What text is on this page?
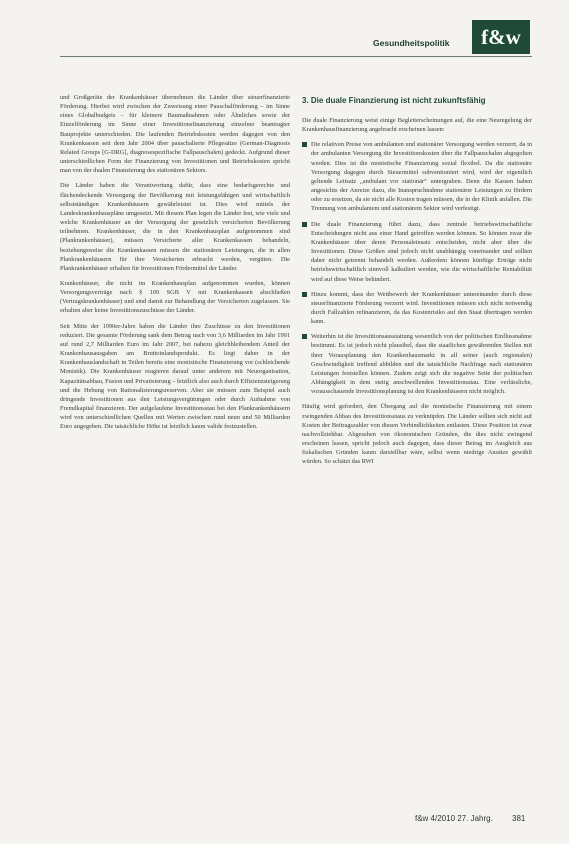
Gesundheitspolitik	f&w

und Großgeräte der Krankenhäuser übernehmen die Länder über steuerfinanzierte Förderung. Hierbei wird zwischen der Zuweisung einer Pauschalförderung – im Sinne eines Globalbudgets – für kleinere Baumaßnahmen oder Ähnliches sowie der Einzelförderung im Sinne einer Investitionsfinanzierung einzelner beantragter Bauprojekte unterschieden. Die laufenden Betriebskosten werden dagegen von den Krankenkassen seit dem Jahr 2004 über pauschalierte Pflegesätze (German-Diagnosis Related Groups [G-DRG], diagnosespezifische Fallpauschalen) gedeckt. Aufgrund dieser unterschiedlichen Form der Finanzierung von Investitionen und Betriebskosten spricht man von der dualen Finanzierung des stationären Sektors.

Die Länder haben die Verantwortung dafür, dass eine bedarfsgerechte und flächendeckende Versorgung der Bevölkerung mit leistungsfähigen und wirtschaftlich selbstständigen Krankenhäusern gewährleistet ist. Dies wird mittels der Landeskrankenhauspläne umgesetzt. Mit diesem Plan legen die Länder fest, wie viele und welche Krankenhäuser an der Versorgung der gesetzlich versicherten Bevölkerung teilnehmen. Krankenhäuser, die in den Krankenhausplan aufgenommen sind (Plankrankenhäuser), müssen Versicherte aller Krankenkassen behandeln, beziehungsweise die Krankenkassen müssen die stationären Leistungen, die in allen Plankrankenhäusern für ihre Versicherten erbracht werden, vergüten. Die Plankrankenhäuser erhalten für Investitionen Fördermittel der Länder.

Krankenhäuser, die nicht im Krankenhausplan aufgenommen wurden, können Versorgungsverträge nach § 109 SGB V mit Krankenkassen abschließen (Vertragskrankenhäuser) und sind damit zur Behandlung der Versicherten zugelassen. Sie erhalten aber keine Investitionszuschüsse der Länder.

Seit Mitte der 1990er-Jahre haben die Länder ihre Zuschüsse zu den Investitionen reduziert. Die gesamte Förderung sank dem Betrag nach von 3,6 Milliarden im Jahr 1991 auf rund 2,7 Milliarden Euro im Jahr 2007, bei nahezu gleichbleibendem Anteil der Krankenhausausgaben am Bruttoinlandsprodukt. Es liegt daher in der Krankenhauslandschaft in Teilen bereits eine monistische Finanzierung vor (schleichende Monistik). Die Krankenhäuser reagieren darauf unter anderem mit Neuorganisation, Kapazitätsabbau, Fusion und Privatisierung – letztlich also auch durch Effizienzsteigerung und die Hebung von Rationalisierungsreserven. Aber sie müssen zum Beispiel auch dringende Investitionen aus den Leistungsvergütungen oder durch Aufnahme von Fremdkapital finanzieren. Der aufgelaufene Investitionsstau bei den Plankrankenhäusern wird von unterschiedlichen Quellen mit Werten zwischen rund neun und 50 Milliarden Euro angegeben. Die tatsächliche Höhe ist letztlich kaum valide festzustellen.

3. Die duale Finanzierung ist nicht zukunftsfähig

Die duale Finanzierung weist einige Begleiterscheinungen auf, die eine Neuregelung der Krankenhausfinanzierung angebracht erscheinen lassen:

Die relativen Preise von ambulanten und stationärer Versorgung werden verzerrt, da in der ambulanten Versorgung die Investitionskosten über die Fallpauschalen abgegolten werden. Dies ist die monistische Finanzierung sozial flexibel. Da die stationäre Versorgung dagegen durch Steuermittel subventioniert wird, wird der eigentlich geltende Leitsatz „ambulant vor stationär“ untergraben. Denn die Kassen haben angesichts der Anreize dazu, die Inanspruchnahme stationärer Leistungen zu fördern oder zu ersetzen, da sie nicht alle Kosten tragen müssen, die in der Klinik anfallen. Die Trennung von ambulantem und stationärem Sektor wird verfestigt.

Die duale Finanzierung führt dazu, dass zentrale betriebswirtschaftliche Entscheidungen nicht aus einer Hand getroffen werden können. So können zwar die Krankenhäuser über deren Personaleinsatz entscheiden, nicht aber über die Investitionen. Diese Größen sind jedoch nicht unabhängig voneinander und sollten daher nicht getrennt behandelt werden. Außerdem können künftige Erträge nicht betriebswirtschaftlich sinnvoll kalkuliert werden, wie die wirtschaftliche Rentabilität wird auf diese Weise behindert.

Hinzu kommt, dass der Wettbewerb der Krankenhäuser untereinander durch diese steuerfinanzierte Förderung verzerrt wird. Investitionen müssen sich nicht notwendig durch Fallzahlen refinanzieren, da das Kostenrisiko auf den Staat übertragen werden kann.

Weiterhin ist die Investitionsausstattung wesentlich von der politischen Einflussnahme bestimmt. Es ist jedoch nicht plausibel, dass die staatlichen gewährenden Stellen mit ihrer Vorausplanung den Krankenhausmarkt in all seiner (auch regionalen) Geschwindigkeit treffend abbilden und die tatsächliche Nachfrage nach stationären Leistungen feststellen können. Zudem zeigt sich die negative Seite der politischen Abhängigkeit in dem stetig anschwellenden Investitionsstau. Eine verlässliche, vorausschauende Investitionsplanung ist den Krankenhäusern nicht möglich.

Häufig wird gefordert, den Übergang auf die monistische Finanzierung mit einem zwingenden Abbau des Investitionsstaus zu verknüpfen. Die Länder sollten sich nicht auf Kosten der Beitragszahler von diesen Verbindlichkeiten entlasten. Diese Position ist zwar nachvollziehbar. Abgesehen von ökonomischen Gründen, die dies nicht zwingend erscheinen lassen, spricht jedoch auch dagegen, dass dieser Betrag im Ausgleich aus fiskalischen Gründen kaum darstellbar wäre, selbst wenn niedrige Ansätze gewählt würden. So schätzt das RWI

f&w 4/2010 27. Jahrg. 381
